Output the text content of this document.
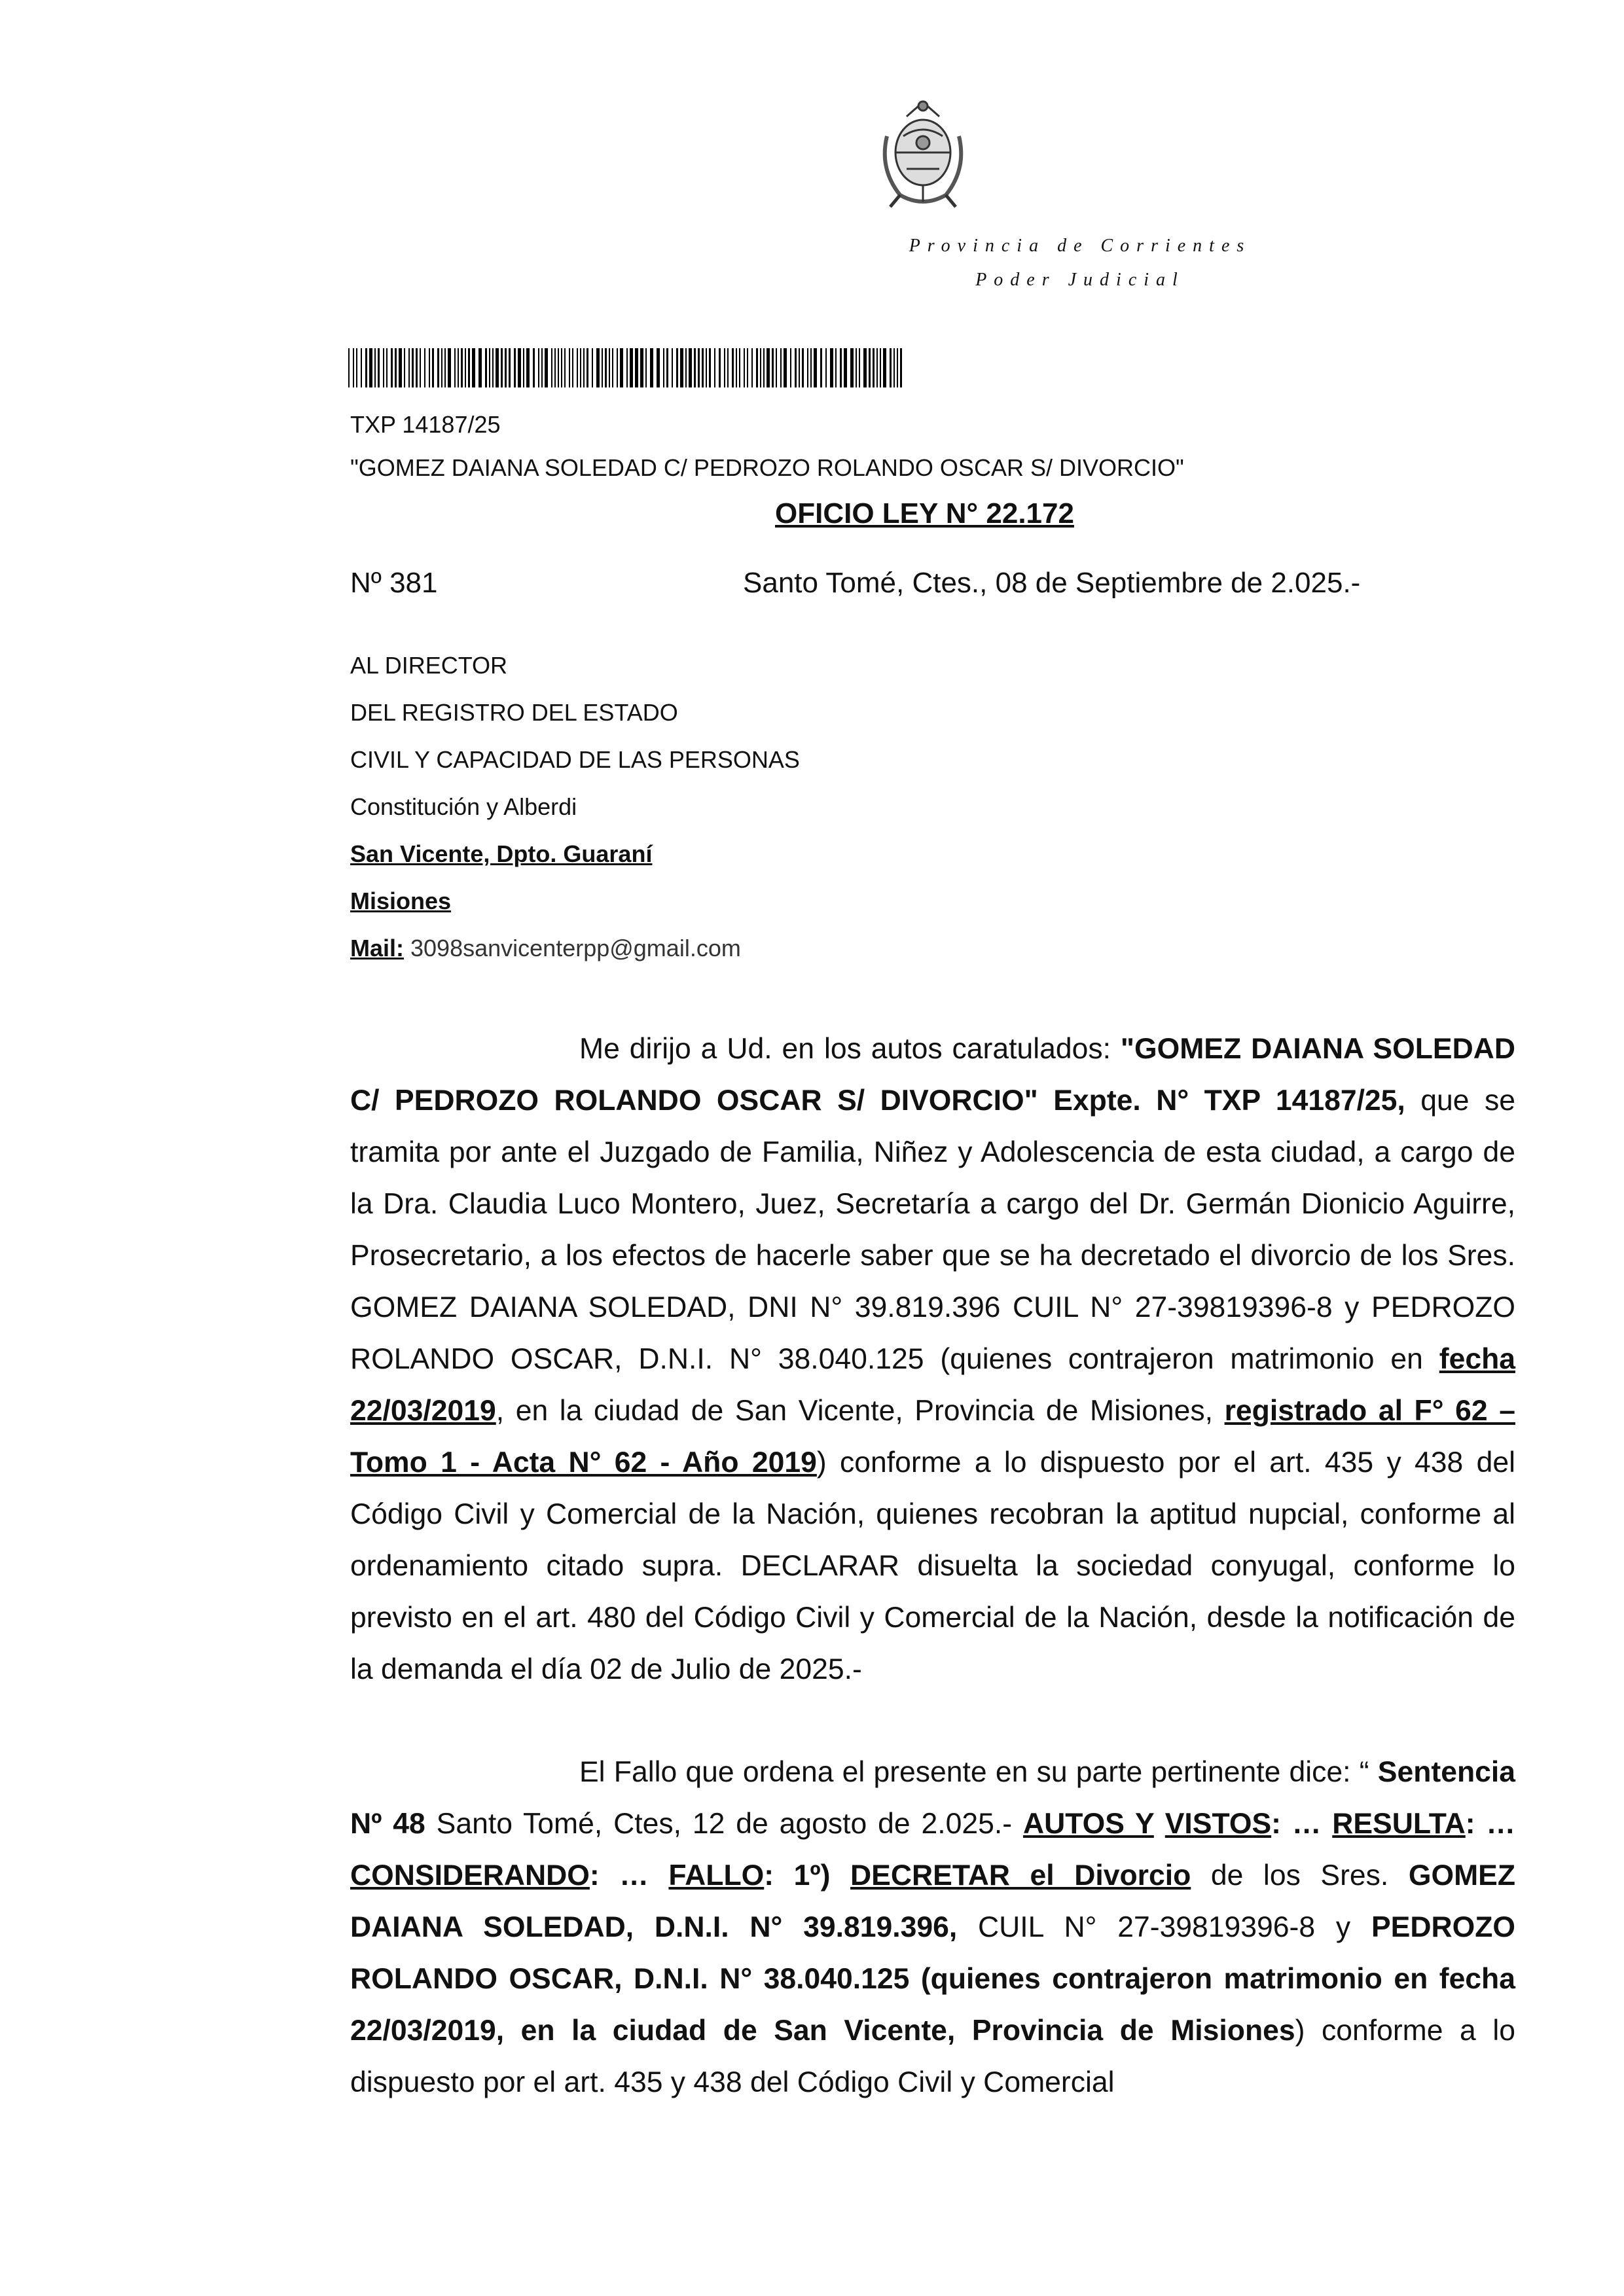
Provincia de Corrientes
Poder Judicial
TXP 14187/25
"GOMEZ DAIANA SOLEDAD C/ PEDROZO ROLANDO OSCAR S/ DIVORCIO"
OFICIO LEY N° 22.172
Nº 381	Santo Tomé, Ctes., 08 de Septiembre de 2.025.-
AL DIRECTOR
DEL REGISTRO DEL ESTADO
CIVIL Y CAPACIDAD DE LAS PERSONAS
Constitución y Alberdi
San Vicente, Dpto. Guaraní
Misiones
Mail: 3098sanvicenterpp@gmail.com
Me dirijo a Ud. en los autos caratulados: "GOMEZ DAIANA SOLEDAD C/ PEDROZO ROLANDO OSCAR S/ DIVORCIO" Expte. N° TXP 14187/25, que se tramita por ante el Juzgado de Familia, Niñez y Adolescencia de esta ciudad, a cargo de la Dra. Claudia Luco Montero, Juez, Secretaría a cargo del Dr. Germán Dionicio Aguirre, Prosecretario, a los efectos de hacerle saber que se ha decretado el divorcio de los Sres. GOMEZ DAIANA SOLEDAD, DNI N° 39.819.396 CUIL N° 27-39819396-8 y PEDROZO ROLANDO OSCAR, D.N.I. N° 38.040.125 (quienes contrajeron matrimonio en fecha 22/03/2019, en la ciudad de San Vicente, Provincia de Misiones, registrado al F° 62 – Tomo 1 - Acta N° 62 - Año 2019) conforme a lo dispuesto por el art. 435 y 438 del Código Civil y Comercial de la Nación, quienes recobran la aptitud nupcial, conforme al ordenamiento citado supra. DECLARAR disuelta la sociedad conyugal, conforme lo previsto en el art. 480 del Código Civil y Comercial de la Nación, desde la notificación de la demanda el día 02 de Julio de 2025.-
El Fallo que ordena el presente en su parte pertinente dice: “ Sentencia Nº 48 Santo Tomé, Ctes, 12 de agosto de 2.025.- AUTOS Y VISTOS: … RESULTA: … CONSIDERANDO: … FALLO: 1º) DECRETAR el Divorcio de los Sres. GOMEZ DAIANA SOLEDAD, D.N.I. N° 39.819.396, CUIL N° 27-39819396-8 y PEDROZO ROLANDO OSCAR, D.N.I. N° 38.040.125 (quienes contrajeron matrimonio en fecha 22/03/2019, en la ciudad de San Vicente, Provincia de Misiones) conforme a lo dispuesto por el art. 435 y 438 del Código Civil y Comercial
